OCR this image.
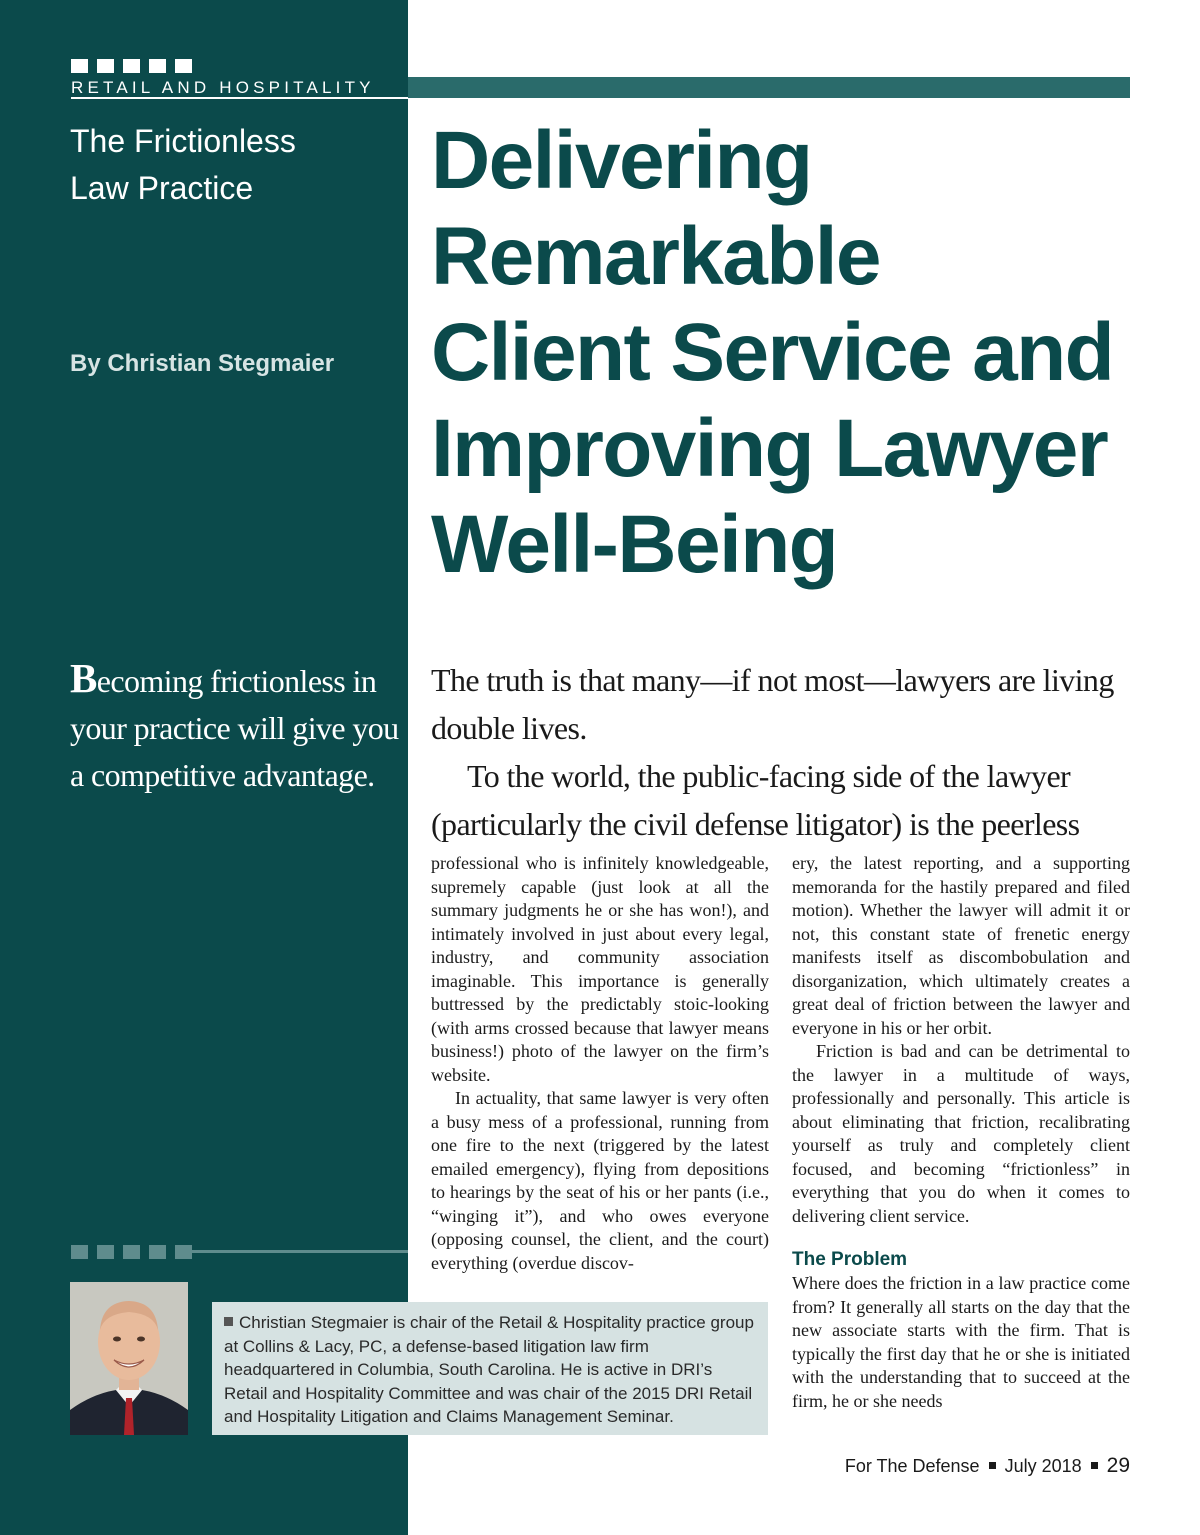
RETAIL AND HOSPITALITY
The Frictionless
Law Practice
By Christian Stegmaier
Delivering
Remarkable
Client Service and
Improving Lawyer
Well-Being
Becoming frictionless in your practice will give you a competitive advantage.

The truth is that many—if not most—lawyers are living double lives.

To the world, the public-facing side of the lawyer (particularly the civil defense litigator) is the peerless

professional who is infinitely knowledgeable, supremely capable (just look at all the summary judgments he or she has won!), and intimately involved in just about every legal, industry, and community association imaginable. This importance is generally buttressed by the predictably stoic-looking (with arms crossed because that lawyer means business!) photo of the lawyer on the firm’s website.

In actuality, that same lawyer is very often a busy mess of a professional, running from one fire to the next (triggered by the latest emailed emergency), flying from depositions to hearings by the seat of his or her pants (i.e., “winging it”), and who owes everyone (opposing counsel, the client, and the court) everything (overdue discov-

ery, the latest reporting, and a supporting memoranda for the hastily prepared and filed motion). Whether the lawyer will admit it or not, this constant state of frenetic energy manifests itself as discombobulation and disorganization, which ultimately creates a great deal of friction between the lawyer and everyone in his or her orbit.

Friction is bad and can be detrimental to the lawyer in a multitude of ways, professionally and personally. This article is about eliminating that friction, recalibrating yourself as truly and completely client focused, and becoming “frictionless” in everything that you do when it comes to delivering client service.

The Problem

Where does the friction in a law practice come from? It generally all starts on the day that the new associate starts with the firm. That is typically the first day that he or she is initiated with the understanding that to succeed at the firm, he or she needs

Christian Stegmaier is chair of the Retail & Hospitality practice group at Collins & Lacy, PC, a defense-based litigation law firm headquartered in Columbia, South Carolina. He is active in DRI’s Retail and Hospitality Committee and was chair of the 2015 DRI Retail and Hospitality Litigation and Claims Management Seminar.
For The Defense July 2018 29
